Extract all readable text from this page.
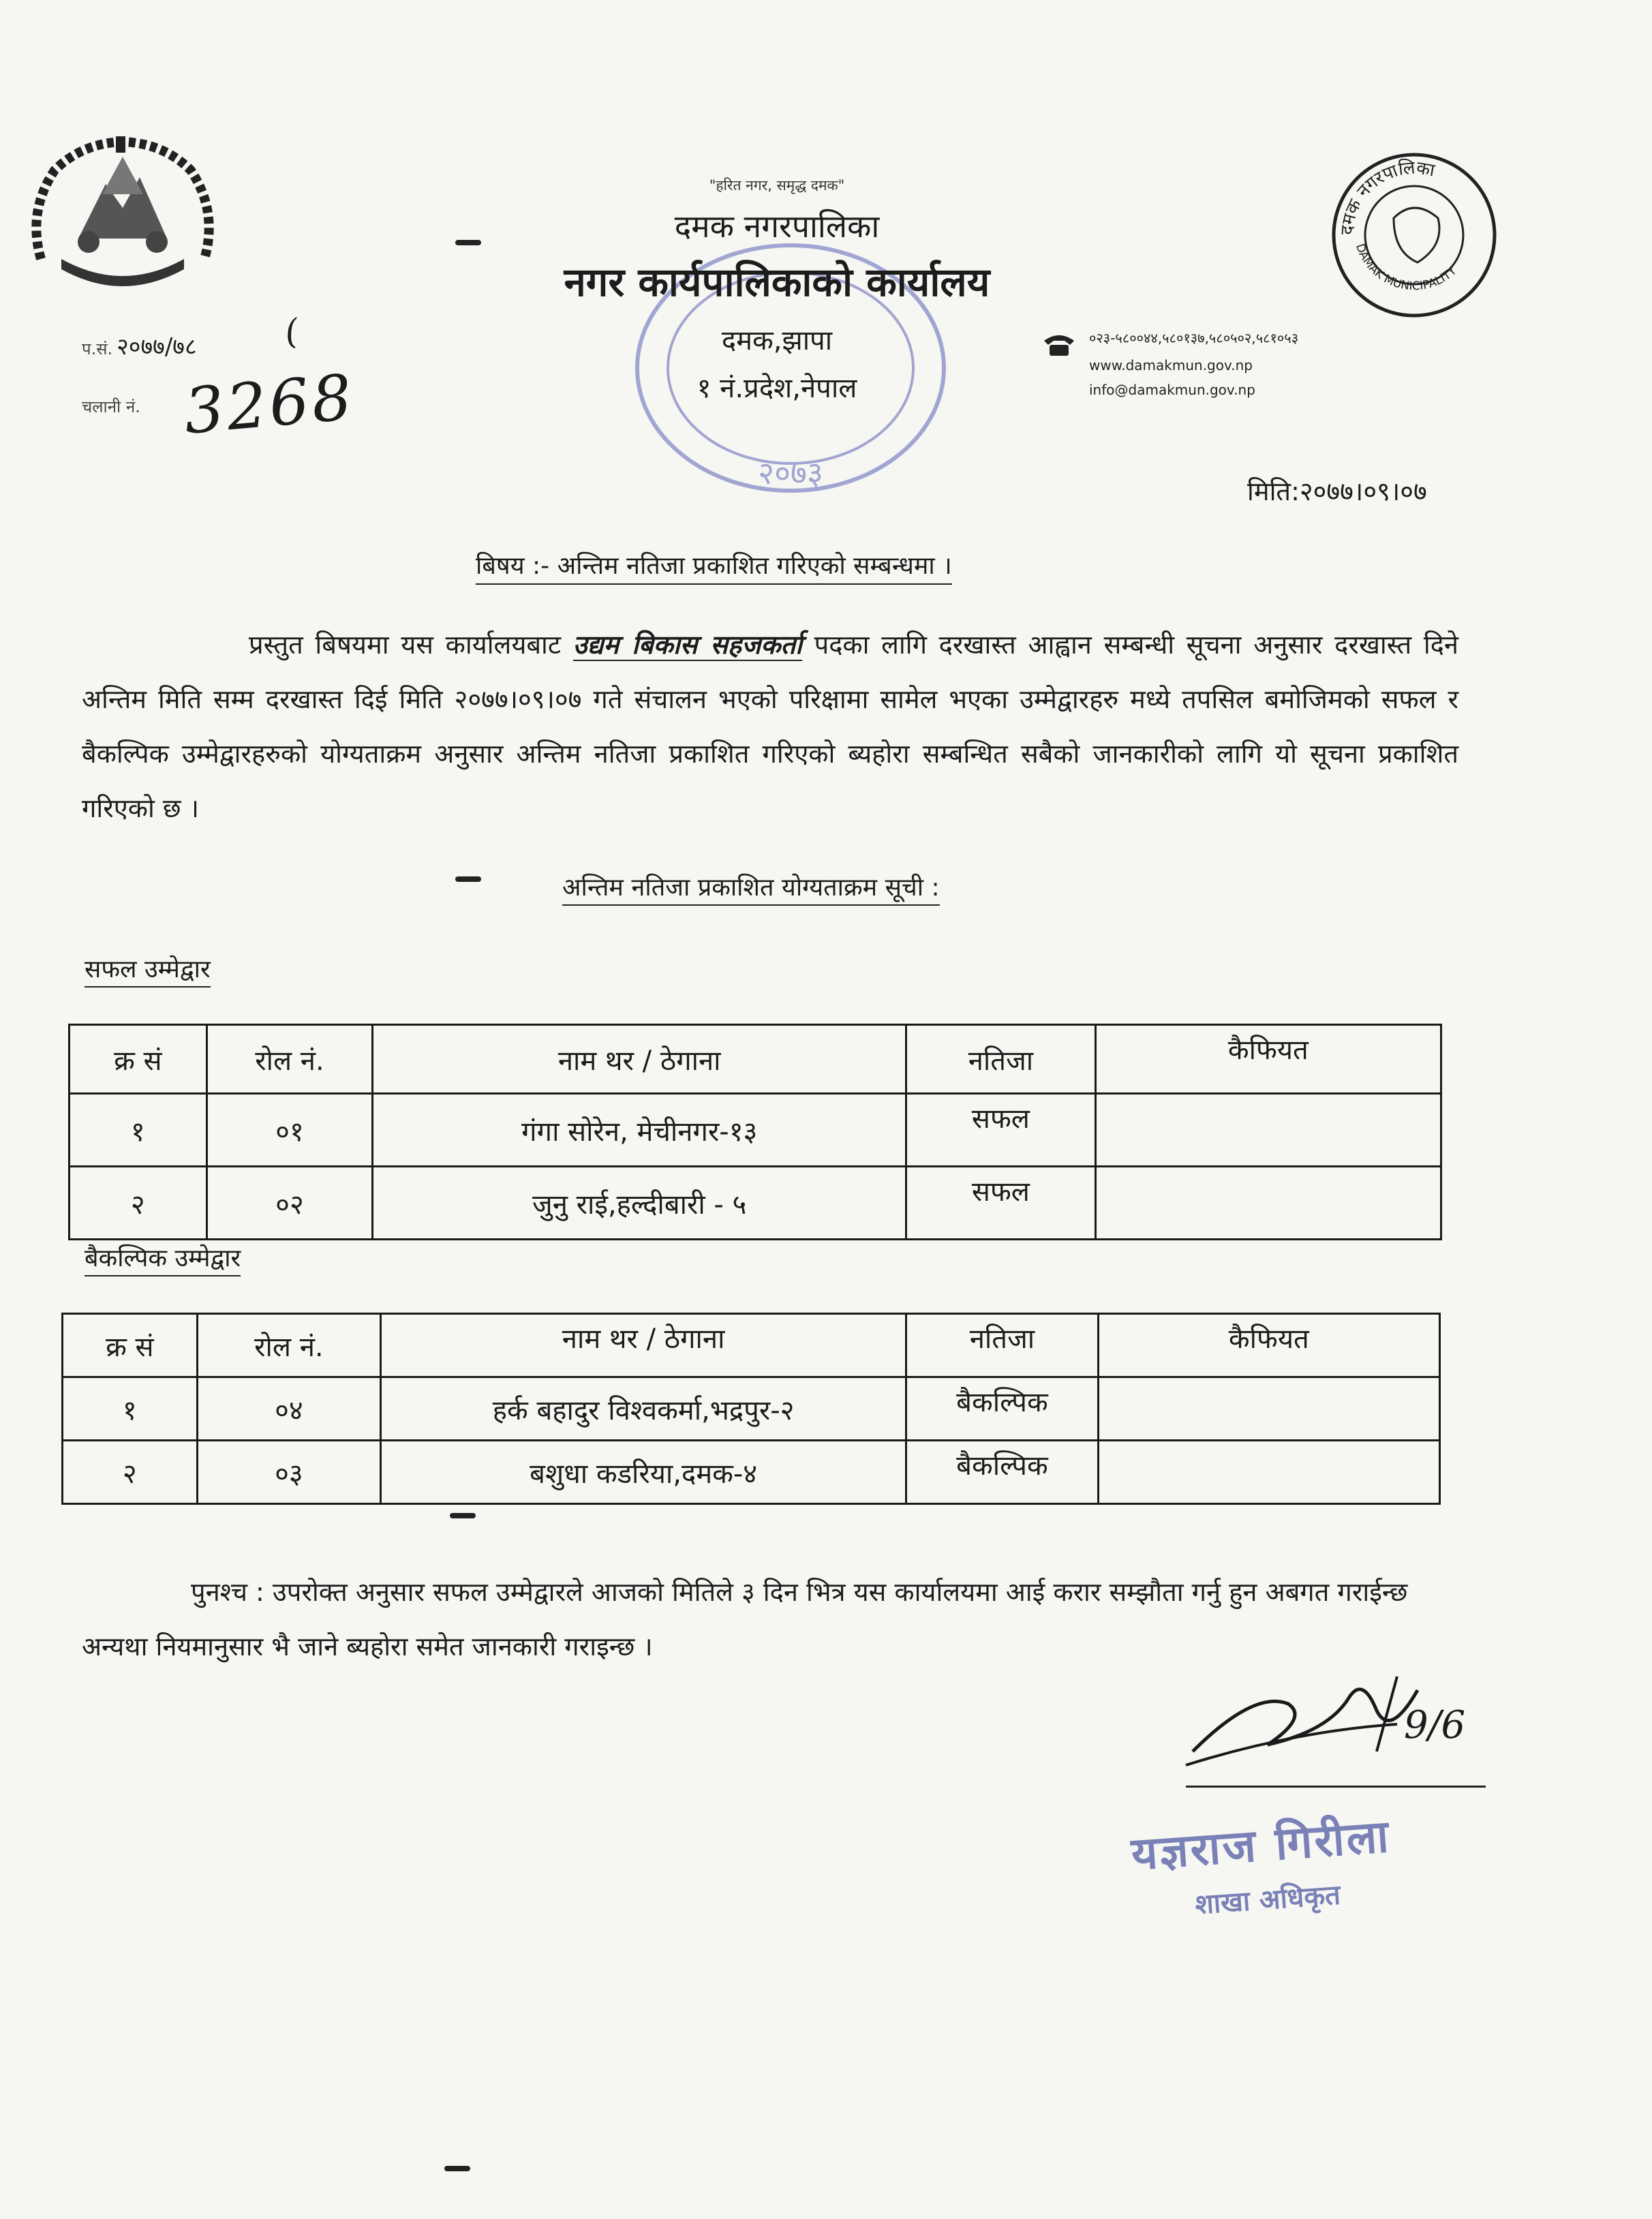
२०७३
"हरित नगर, समृद्ध दमक"
दमक नगरपालिका
नगर कार्यपालिकाको कार्यालय
दमक,झापा
१ नं.प्रदेश,नेपाल
दमक नगरपालिका
DAMAK MUNICIPALITY
०२३-५८००४४,५८०१३७,५८०५०२,५८१०५३
www.damakmun.gov.np
info@damakmun.gov.np
प.सं. २०७७/७८	(
चलानी नं. 3268
मिति:२०७७।०९।०७
बिषय :- अन्तिम नतिजा प्रकाशित गरिएको सम्बन्धमा ।
प्रस्तुत बिषयमा यस कार्यालयबाट उद्यम बिकास सहजकर्ता पदका लागि दरखास्त आह्वान सम्बन्धी सूचना अनुसार दरखास्त दिने अन्तिम मिति सम्म दरखास्त दिई मिति २०७७।०९।०७ गते संचालन भएको परिक्षामा सामेल भएका उम्मेद्वारहरु मध्ये तपसिल बमोजिमको सफल र बैकल्पिक उम्मेद्वारहरुको योग्यताक्रम अनुसार अन्तिम नतिजा प्रकाशित गरिएको ब्यहोरा सम्बन्धित सबैको जानकारीको लागि यो सूचना प्रकाशित गरिएको छ ।
अन्तिम नतिजा प्रकाशित योग्यताक्रम सूची :
सफल उम्मेद्वार
क्र सं	रोल नं.	नाम थर / ठेगाना	नतिजा	कैफियत
१	०१	गंगा सोरेन, मेचीनगर-१३	सफल	
२	०२	जुनु राई,हल्दीबारी - ५	सफल	
बैकल्पिक उम्मेद्वार
क्र सं	रोल नं.	नाम थर / ठेगाना	नतिजा	कैफियत
१	०४	हर्क बहादुर विश्वकर्मा,भद्रपुर-२	बैकल्पिक	
२	०३	बशुधा कडरिया,दमक-४	बैकल्पिक	
पुनश्च : उपरोक्त अनुसार सफल उम्मेद्वारले आजको मितिले ३ दिन भित्र यस कार्यालयमा आई करार सम्झौता गर्नु हुन अबगत गराईन्छ अन्यथा नियमानुसार भै जाने ब्यहोरा समेत जानकारी गराइन्छ ।
9/6
यज्ञराज गिरीला
शाखा अधिकृत
